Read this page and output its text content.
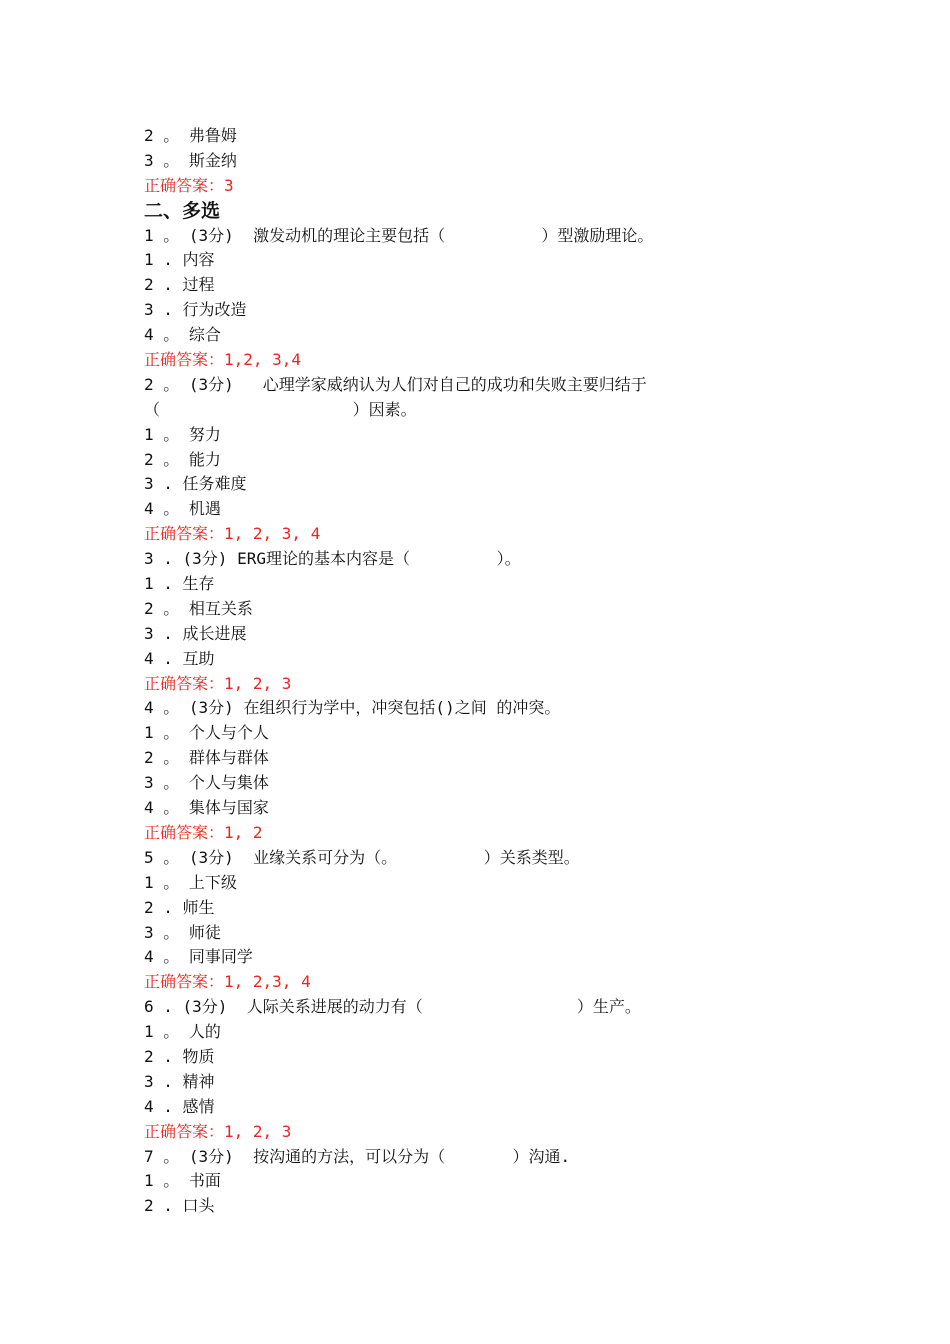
2 。 弗鲁姆
3 。 斯金纳
正确答案：3
二、多选
1 。 (3分)  激发动机的理论主要包括（          ）型激励理论。
1 . 内容
2 . 过程
3 . 行为改造
4 。 综合
正确答案：1,2, 3,4
2 。 (3分)   心理学家威纳认为人们对自己的成功和失败主要归结于
（                    ）因素。
1 。 努力
2 。 能力
3 . 任务难度
4 。 机遇
正确答案：1, 2, 3, 4
3 . (3分) ERG理论的基本内容是（         ）。
1 . 生存
2 。 相互关系
3 . 成长进展
4 . 互助
正确答案：1, 2, 3
4 。 (3分) 在组织行为学中，冲突包括()之间 的冲突。
1 。 个人与个人
2 。 群体与群体
3 。 个人与集体
4 。 集体与国家
正确答案：1, 2
5 。 (3分)  业缘关系可分为（。         ）关系类型。
1 。 上下级
2 . 师生
3 。 师徒
4 。 同事同学
正确答案：1, 2,3, 4
6 . (3分)  人际关系进展的动力有（                ）生产。
1 。 人的
2 . 物质
3 . 精神
4 . 感情
正确答案：1, 2, 3
7 。 (3分)  按沟通的方法，可以分为（       ）沟通.
1 。 书面
2 . 口头
